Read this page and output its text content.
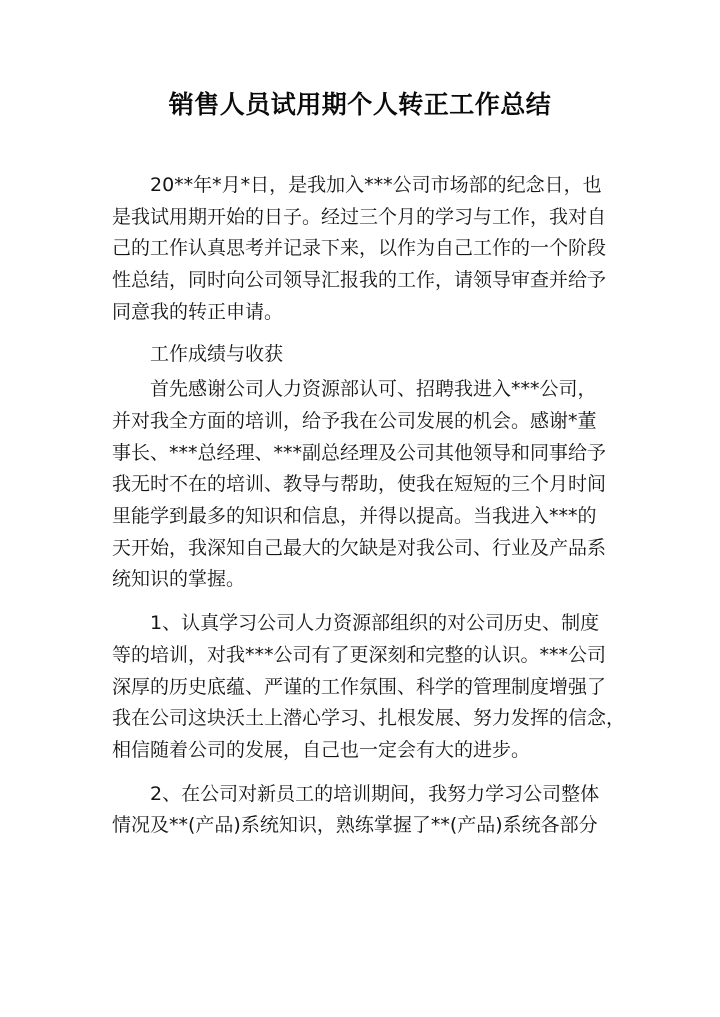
销售人员试用期个人转正工作总结

20**年*月*日，是我加入***公司市场部的纪念日，也
是我试用期开始的日子。经过三个月的学习与工作，我对自
己的工作认真思考并记录下来，以作为自己工作的一个阶段
性总结，同时向公司领导汇报我的工作，请领导审查并给予
同意我的转正申请。

工作成绩与收获

首先感谢公司人力资源部认可、招聘我进入***公司，
并对我全方面的培训，给予我在公司发展的机会。感谢*董
事长、***总经理、***副总经理及公司其他领导和同事给予
我无时不在的培训、教导与帮助，使我在短短的三个月时间
里能学到最多的知识和信息，并得以提高。当我进入***的
天开始，我深知自己最大的欠缺是对我公司、行业及产品系
统知识的掌握。

1、认真学习公司人力资源部组织的对公司历史、制度
等的培训，对我***公司有了更深刻和完整的认识。***公司
深厚的历史底蕴、严谨的工作氛围、科学的管理制度增强了
我在公司这块沃土上潜心学习、扎根发展、努力发挥的信念，
相信随着公司的发展，自己也一定会有大的进步。

2、在公司对新员工的培训期间，我努力学习公司整体
情况及**(产品)系统知识，熟练掌握了**(产品)系统各部分
